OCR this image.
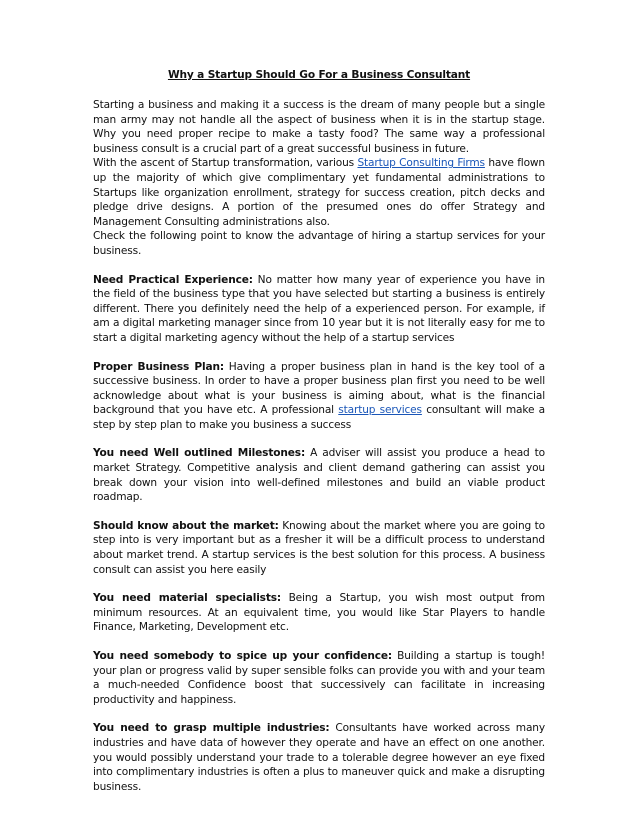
Why a Startup Should Go For a Business Consultant

Starting a business and making it a success is the dream of many people but a single man army may not handle all the aspect of business when it is in the startup stage. Why you need proper recipe to make a tasty food? The same way a professional business consult is a crucial part of a great successful business in future.

With the ascent of Startup transformation, various Startup Consulting Firms have flown up the majority of which give complimentary yet fundamental administrations to Startups like organization enrollment, strategy for success creation, pitch decks and pledge drive designs. A portion of the presumed ones do offer Strategy and Management Consulting administrations also.

Check the following point to know the advantage of hiring a startup services for your business.

Need Practical Experience: No matter how many year of experience you have in the field of the business type that you have selected but starting a business is entirely different. There you definitely need the help of a experienced person. For example, if am a digital marketing manager since from 10 year but it is not literally easy for me to start a digital marketing agency without the help of a startup services
Proper Business Plan: Having a proper business plan in hand is the key tool of a successive business. In order to have a proper business plan first you need to be well acknowledge about what is your business is aiming about, what is the financial background that you have etc. A professional startup services consultant will make a step by step plan to make you business a success
You need Well outlined Milestones: A adviser will assist you produce a head to market Strategy. Competitive analysis and client demand gathering can assist you break down your vision into well-defined milestones and build an viable product roadmap.
Should know about the market: Knowing about the market where you are going to step into is very important but as a fresher it will be a difficult process to understand about market trend. A startup services is the best solution for this process. A business consult can assist you here easily
You need material specialists: Being a Startup, you wish most output from minimum resources. At an equivalent time, you would like Star Players to handle Finance, Marketing, Development etc.
You need somebody to spice up your confidence: Building a startup is tough! your plan or progress valid by super sensible folks can provide you with and your team a much-needed Confidence boost that successively can facilitate in increasing productivity and happiness.
You need to grasp multiple industries: Consultants have worked across many industries and have data of however they operate and have an effect on one another. you would possibly understand your trade to a tolerable degree however an eye fixed into complimentary industries is often a plus to maneuver quick and make a disrupting business.
